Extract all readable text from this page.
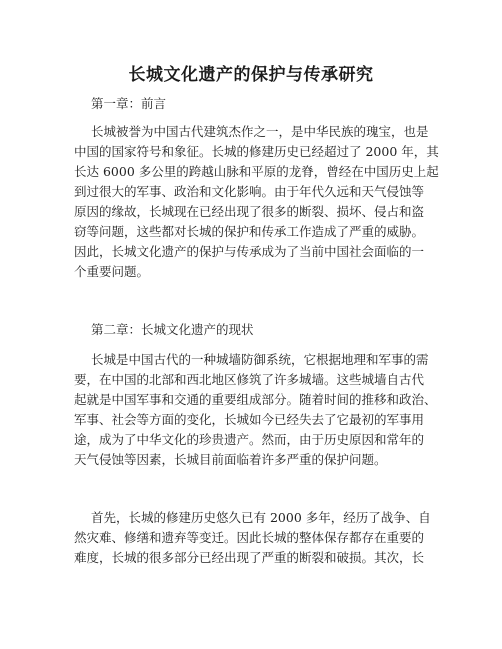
长城文化遗产的保护与传承研究

第一章：前言

长城被誉为中国古代建筑杰作之一，是中华民族的瑰宝，也是
中国的国家符号和象征。长城的修建历史已经超过了 2000 年，其
长达 6000 多公里的跨越山脉和平原的龙脊，曾经在中国历史上起
到过很大的军事、政治和文化影响。由于年代久远和天气侵蚀等
原因的缘故，长城现在已经出现了很多的断裂、损坏、侵占和盗
窃等问题，这些都对长城的保护和传承工作造成了严重的威胁。
因此，长城文化遗产的保护与传承成为了当前中国社会面临的一
个重要问题。

第二章：长城文化遗产的现状

长城是中国古代的一种城墙防御系统，它根据地理和军事的需
要，在中国的北部和西北地区修筑了许多城墙。这些城墙自古代
起就是中国军事和交通的重要组成部分。随着时间的推移和政治、
军事、社会等方面的变化，长城如今已经失去了它最初的军事用
途，成为了中华文化的珍贵遗产。然而，由于历史原因和常年的
天气侵蚀等因素，长城目前面临着许多严重的保护问题。
首先，长城的修建历史悠久已有 2000 多年，经历了战争、自
然灾难、修缮和遗弃等变迁。因此长城的整体保存都存在重要的
难度，长城的很多部分已经出现了严重的断裂和破损。其次，长
